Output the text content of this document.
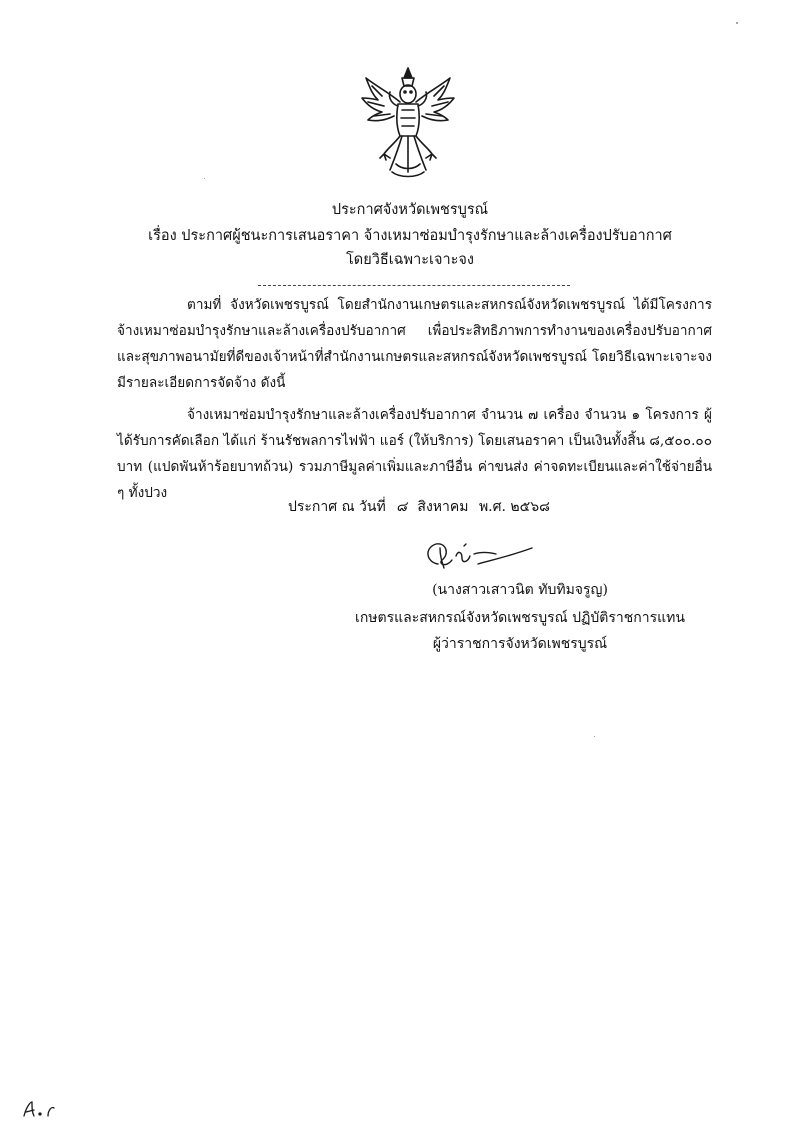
ประกาศจังหวัดเพชรบูรณ์
เรื่อง ประกาศผู้ชนะการเสนอราคา จ้างเหมาซ่อมบำรุงรักษาและล้างเครื่องปรับอากาศ
โดยวิธีเฉพาะเจาะจง

ตามที่ จังหวัดเพชรบูรณ์ โดยสำนักงานเกษตรและสหกรณ์จังหวัดเพชรบูรณ์ ได้มีโครงการจ้างเหมาซ่อมบำรุงรักษาและล้างเครื่องปรับอากาศ เพื่อประสิทธิภาพการทำงานของเครื่องปรับอากาศและสุขภาพอนามัยที่ดีของเจ้าหน้าที่สำนักงานเกษตรและสหกรณ์จังหวัดเพชรบูรณ์ โดยวิธีเฉพาะเจาะจง มีรายละเอียดการจัดจ้าง ดังนี้

จ้างเหมาซ่อมบำรุงรักษาและล้างเครื่องปรับอากาศ จำนวน ๗ เครื่อง จำนวน ๑ โครงการ ผู้ได้รับการคัดเลือก ได้แก่ ร้านรัชพลการไฟฟ้า แอร์ (ให้บริการ) โดยเสนอราคา เป็นเงินทั้งสิ้น ๘,๕๐๐.๐๐ บาท (แปดพันห้าร้อยบาทถ้วน) รวมภาษีมูลค่าเพิ่มและภาษีอื่น ค่าขนส่ง ค่าจดทะเบียนและค่าใช้จ่ายอื่น ๆ ทั้งปวง

ประกาศ ณ วันที่ ๘ สิงหาคม พ.ศ. ๒๕๖๘
(นางสาวเสาวนิต ทับทิมจรูญ)
เกษตรและสหกรณ์จังหวัดเพชรบูรณ์ ปฏิบัติราชการแทน
ผู้ว่าราชการจังหวัดเพชรบูรณ์
